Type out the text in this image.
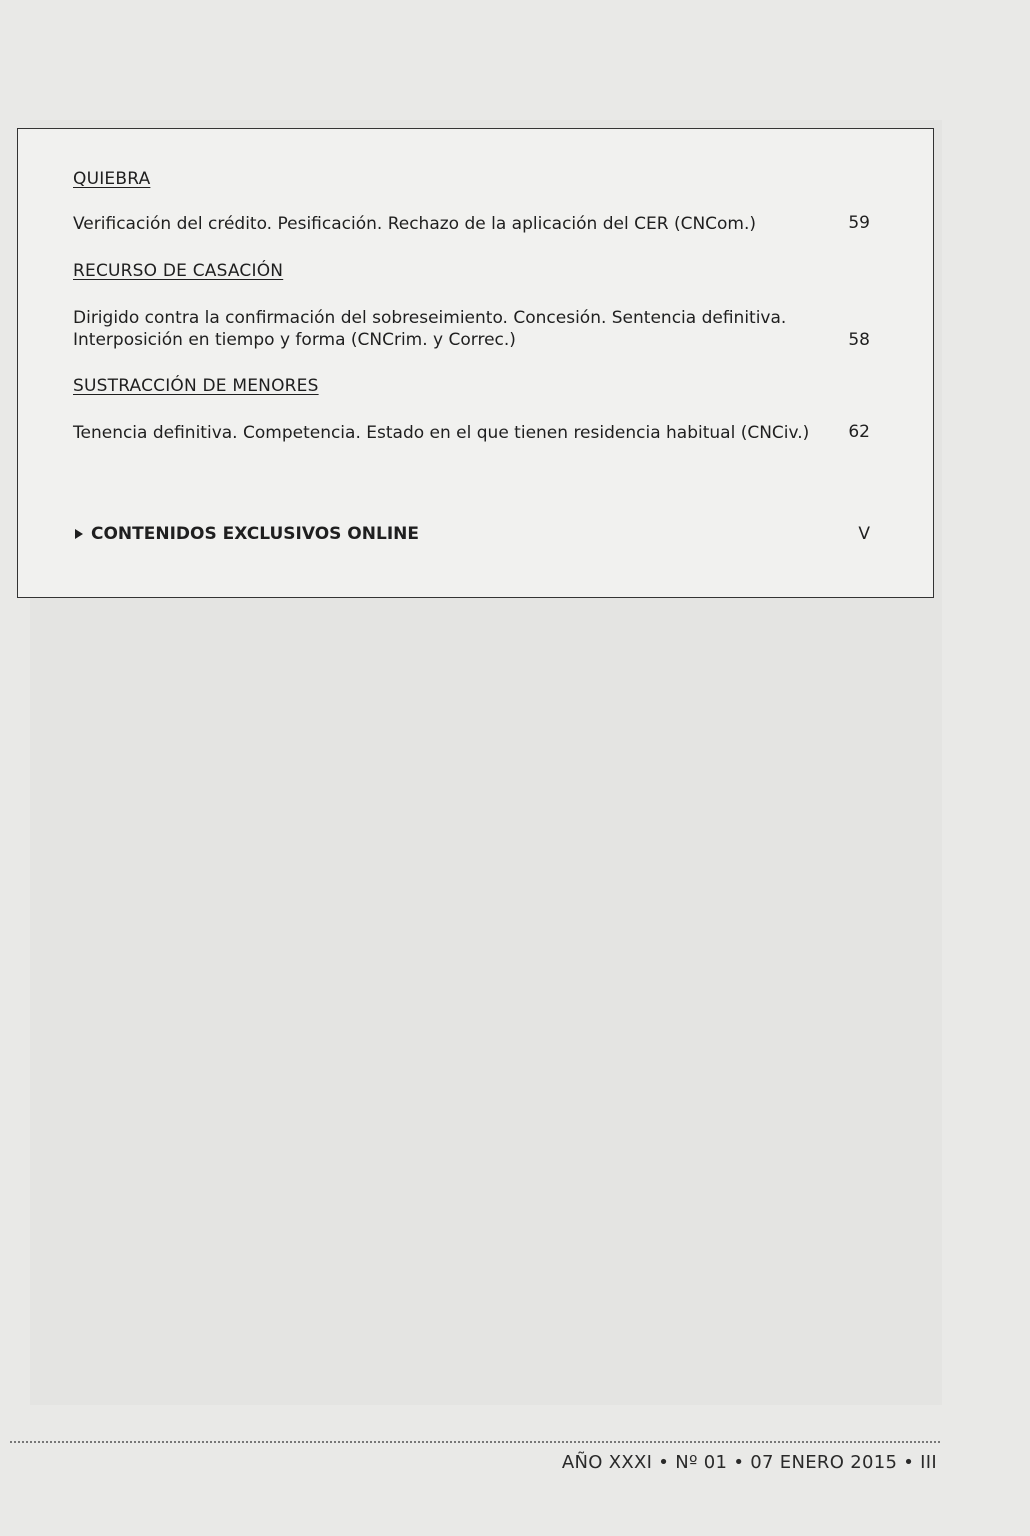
QUIEBRA
Verificación del crédito. Pesificación. Rechazo de la aplicación del CER (CNCom.)	59
RECURSO DE CASACIÓN
Dirigido contra la confirmación del sobreseimiento. Concesión. Sentencia definitiva. Interposición en tiempo y forma (CNCrim. y Correc.)	58
SUSTRACCIÓN DE MENORES
Tenencia definitiva. Competencia. Estado en el que tienen residencia habitual (CNCiv.)	62
CONTENIDOS EXCLUSIVOS ONLINE	V
AÑO XXXI • Nº 01 • 07 ENERO 2015 • III
